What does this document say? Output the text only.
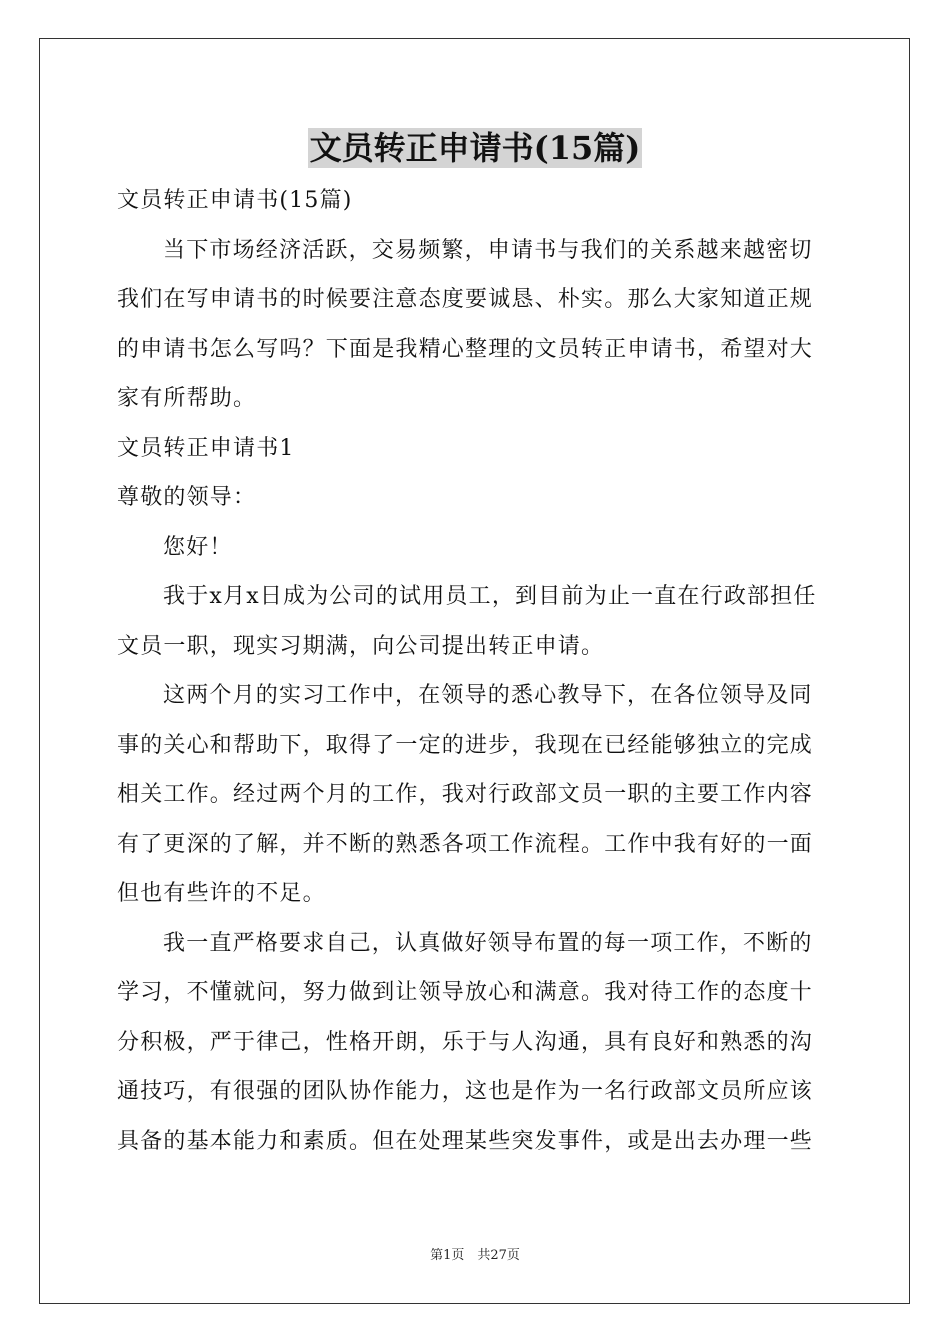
文员转正申请书(15篇)

文员转正申请书(15篇)

当下市场经济活跃，交易频繁，申请书与我们的关系越来越密切我们在写申请书的时候要注意态度要诚恳、朴实。那么大家知道正规的申请书怎么写吗？下面是我精心整理的文员转正申请书，希望对大家有所帮助。

文员转正申请书1

尊敬的领导：

您好！

我于x月x日成为公司的试用员工，到目前为止一直在行政部担任文员一职，现实习期满，向公司提出转正申请。

这两个月的实习工作中，在领导的悉心教导下，在各位领导及同事的关心和帮助下，取得了一定的进步，我现在已经能够独立的完成相关工作。经过两个月的工作，我对行政部文员一职的主要工作内容有了更深的了解，并不断的熟悉各项工作流程。工作中我有好的一面但也有些许的不足。

我一直严格要求自己，认真做好领导布置的每一项工作，不断的学习，不懂就问，努力做到让领导放心和满意。我对待工作的态度十分积极，严于律己，性格开朗，乐于与人沟通，具有良好和熟悉的沟通技巧，有很强的团队协作能力，这也是作为一名行政部文员所应该具备的基本能力和素质。但在处理某些突发事件，或是出去办理一些

第1页　共27页
